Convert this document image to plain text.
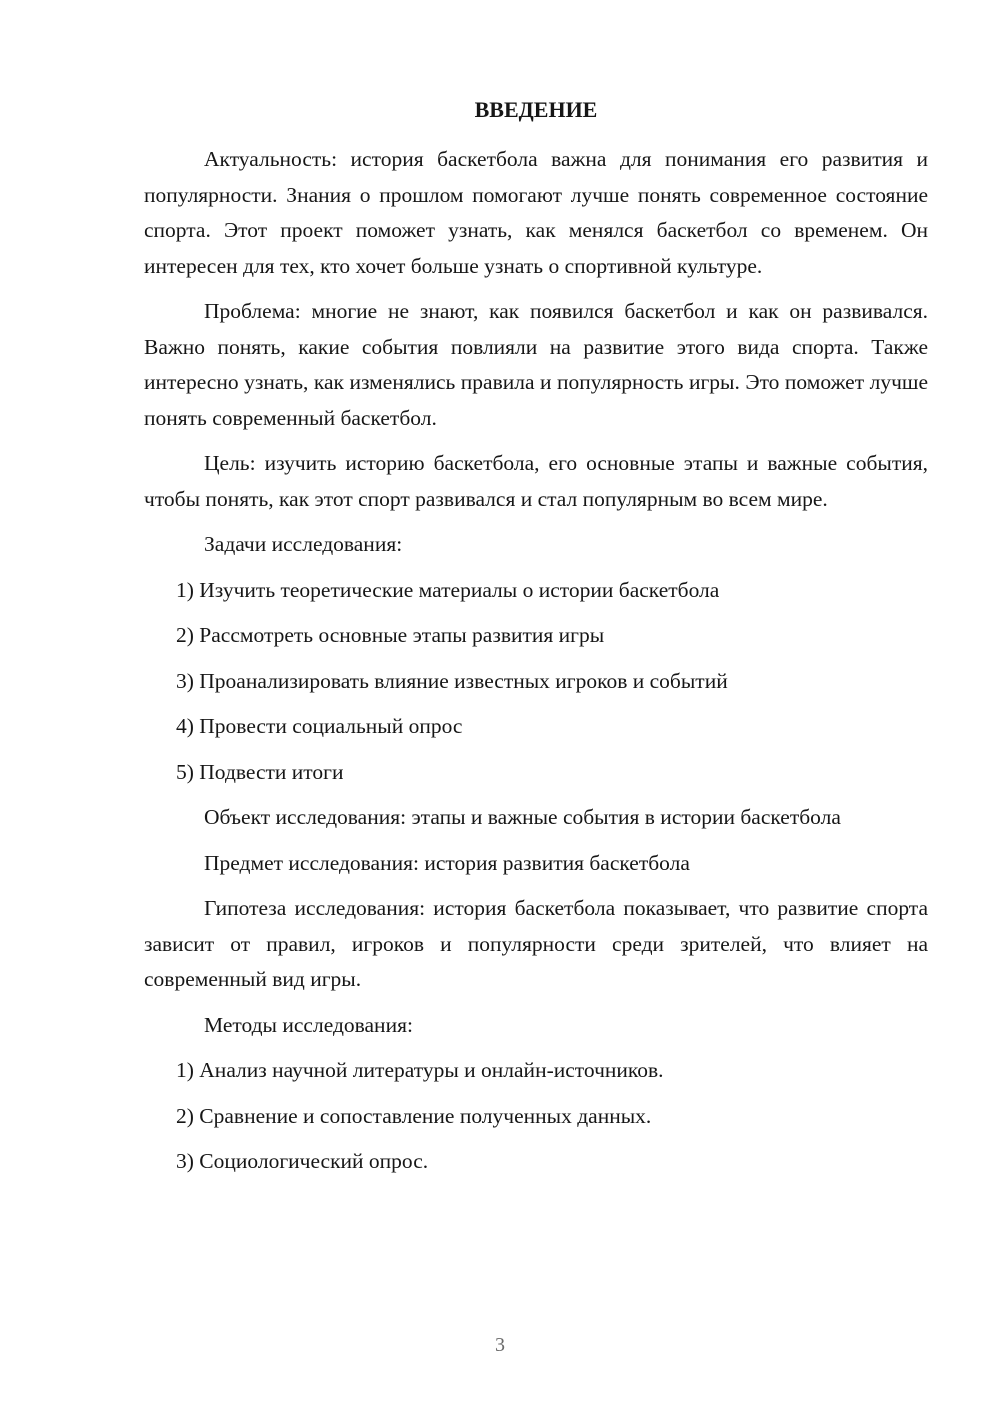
ВВЕДЕНИЕ

Актуальность: история баскетбола важна для понимания его развития и популярности. Знания о прошлом помогают лучше понять современное состояние спорта. Этот проект поможет узнать, как менялся баскетбол со временем. Он интересен для тех, кто хочет больше узнать о спортивной культуре.

Проблема: многие не знают, как появился баскетбол и как он развивался. Важно понять, какие события повлияли на развитие этого вида спорта. Также интересно узнать, как изменялись правила и популярность игры. Это поможет лучше понять современный баскетбол.

Цель: изучить историю баскетбола, его основные этапы и важные события, чтобы понять, как этот спорт развивался и стал популярным во всем мире.

Задачи исследования:

1) Изучить теоретические материалы о истории баскетбола

2) Рассмотреть основные этапы развития игры

3) Проанализировать влияние известных игроков и событий

4) Провести социальный опрос

5) Подвести итоги

Объект исследования: этапы и важные события в истории баскетбола

Предмет исследования: история развития баскетбола

Гипотеза исследования: история баскетбола показывает, что развитие спорта зависит от правил, игроков и популярности среди зрителей, что влияет на современный вид игры.

Методы исследования:

1) Анализ научной литературы и онлайн-источников.

2) Сравнение и сопоставление полученных данных.

3) Социологический опрос.

3
